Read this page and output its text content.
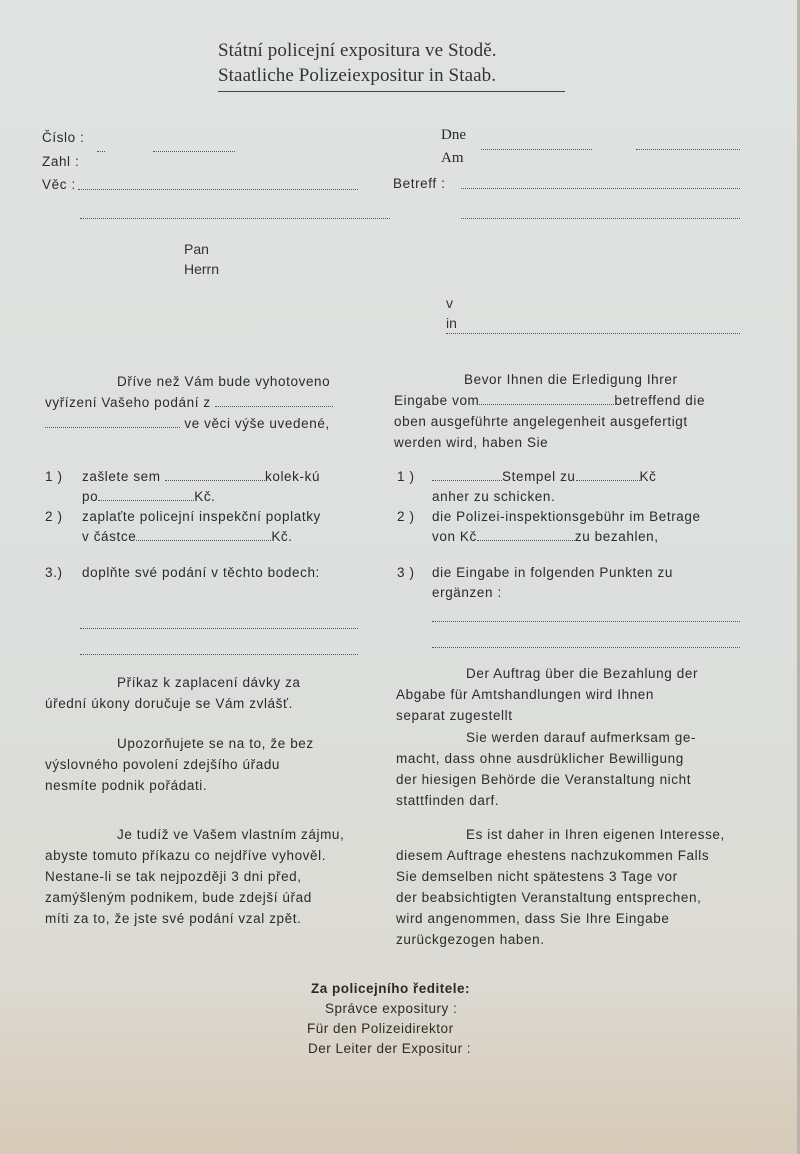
Státní policejní expositura ve Stodě.
Staatliche Polizeiexpositur in Staab.
Číslo :
Zahl :
Věc :
Dne
Am
Betreff :
Pan
Herrn
v
in
Dříve než Vám bude vyhotoveno
vyřízení Vašeho podání z
ve věci výše uvedené,
Bevor Ihnen die Erledigung Ihrer
Eingabe vom	betreffend die
oben ausgeführte angelegenheit ausgefertigt
werden wird, haben Sie
1 ) zašlete sem	kolek-kú
po	Kč.
2 ) zaplaťte policejní inspekční poplatky
v částce	Kč.
3.) doplňte své podání v těchto bodech:
1 )	Stempel zu	Kč
anher zu schicken.
2 ) die Polizei-inspektionsgebühr im Betrage
von Kč	zu bezahlen,
3 ) die Eingabe in folgenden Punkten zu
ergänzen :
Příkaz k zaplacení dávky za
úřední úkony doručuje se Vám zvlášť.
Upozorňujete se na to, že bez
výslovného povolení zdejšího úřadu
nesmíte podnik pořádati.
Je tudíž ve Vašem vlastním zájmu,
abyste tomuto příkazu co nejdříve vyhověl.
Nestane-li se tak nejpozději 3 dni před,
zamýšleným podnikem, bude zdejší úřad
míti za to, že jste své podání vzal zpět.
Der Auftrag über die Bezahlung der
Abgabe für Amtshandlungen wird Ihnen
separat zugestellt
Sie werden darauf aufmerksam ge-
macht, dass ohne ausdrüklicher Bewilligung
der hiesigen Behörde die Veranstaltung nicht
stattfinden darf.
Es ist daher in Ihren eigenen Interesse,
diesem Auftrage ehestens nachzukommen Falls
Sie demselben nicht spätestens 3 Tage vor
der beabsichtigten Veranstaltung entsprechen,
wird angenommen, dass Sie Ihre Eingabe
zurückgezogen haben.
Za policejního ředitele:
Správce expositury :
Für den Polizeidirektor
Der Leiter der Expositur :
